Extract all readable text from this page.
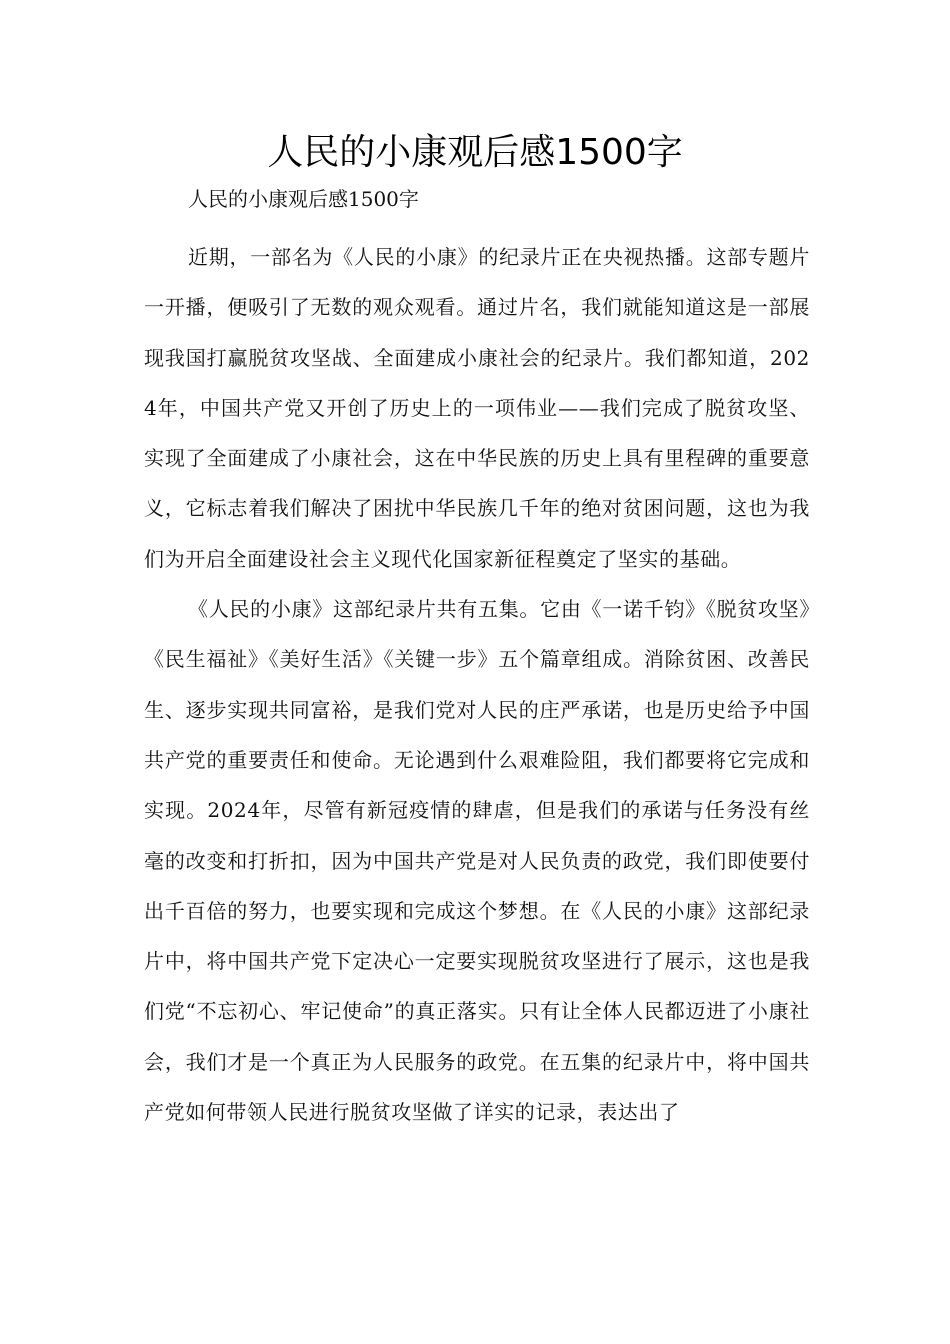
人民的小康观后感1500字

人民的小康观后感1500字

近期，一部名为《人民的小康》的纪录片正在央视热播。这部专题片一开播，便吸引了无数的观众观看。通过片名，我们就能知道这是一部展现我国打赢脱贫攻坚战、全面建成小康社会的纪录片。我们都知道，2024年，中国共产党又开创了历史上的一项伟业——我们完成了脱贫攻坚、实现了全面建成了小康社会，这在中华民族的历史上具有里程碑的重要意义，它标志着我们解决了困扰中华民族几千年的绝对贫困问题，这也为我们为开启全面建设社会主义现代化国家新征程奠定了坚实的基础。

《人民的小康》这部纪录片共有五集。它由《一诺千钧》《脱贫攻坚》《民生福祉》《美好生活》《关键一步》五个篇章组成。消除贫困、改善民生、逐步实现共同富裕，是我们党对人民的庄严承诺，也是历史给予中国共产党的重要责任和使命。无论遇到什么艰难险阻，我们都要将它完成和实现。2024年，尽管有新冠疫情的肆虐，但是我们的承诺与任务没有丝毫的改变和打折扣，因为中国共产党是对人民负责的政党，我们即使要付出千百倍的努力，也要实现和完成这个梦想。在《人民的小康》这部纪录片中，将中国共产党下定决心一定要实现脱贫攻坚进行了展示，这也是我们党“不忘初心、牢记使命”的真正落实。只有让全体人民都迈进了小康社会，我们才是一个真正为人民服务的政党。在五集的纪录片中，将中国共产党如何带领人民进行脱贫攻坚做了详实的记录，表达出了
